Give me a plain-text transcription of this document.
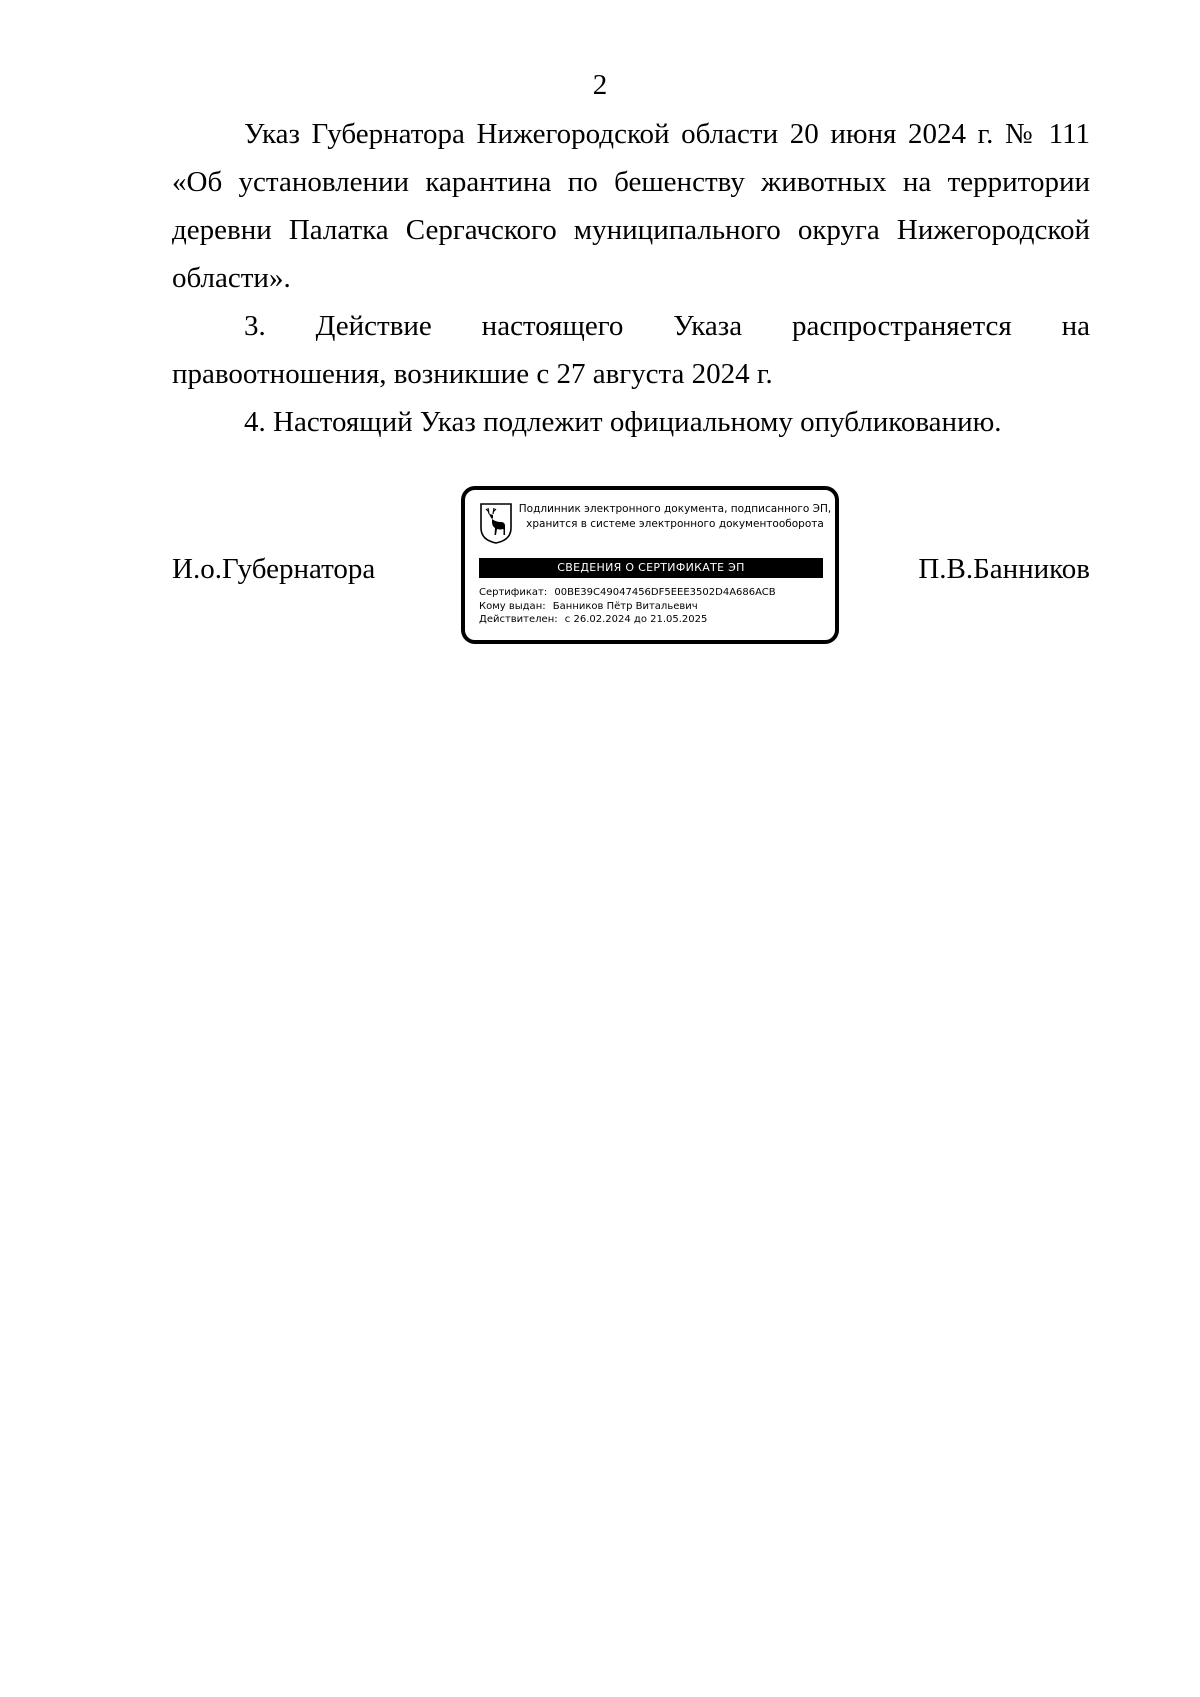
2

Указ Губернатора Нижегородской области 20 июня 2024 г. № 111 «Об установлении карантина по бешенству животных на территории деревни Палатка Сергачского муниципального округа Нижегородской области».

3. Действие настоящего Указа распространяется на правоотношения, возникшие с 27 августа 2024 г.

4. Настоящий Указ подлежит официальному опубликованию.

И.о.Губернатора
Подлинник электронного документа, подписанного ЭП,
хранится в системе электронного документооборота
СВЕДЕНИЯ О СЕРТИФИКАТЕ ЭП
Сертификат: 00BE39C49047456DF5EEE3502D4A686ACB
Кому выдан: Банников Пётр Витальевич
Действителен: с 26.02.2024 до 21.05.2025
П.В.Банников
